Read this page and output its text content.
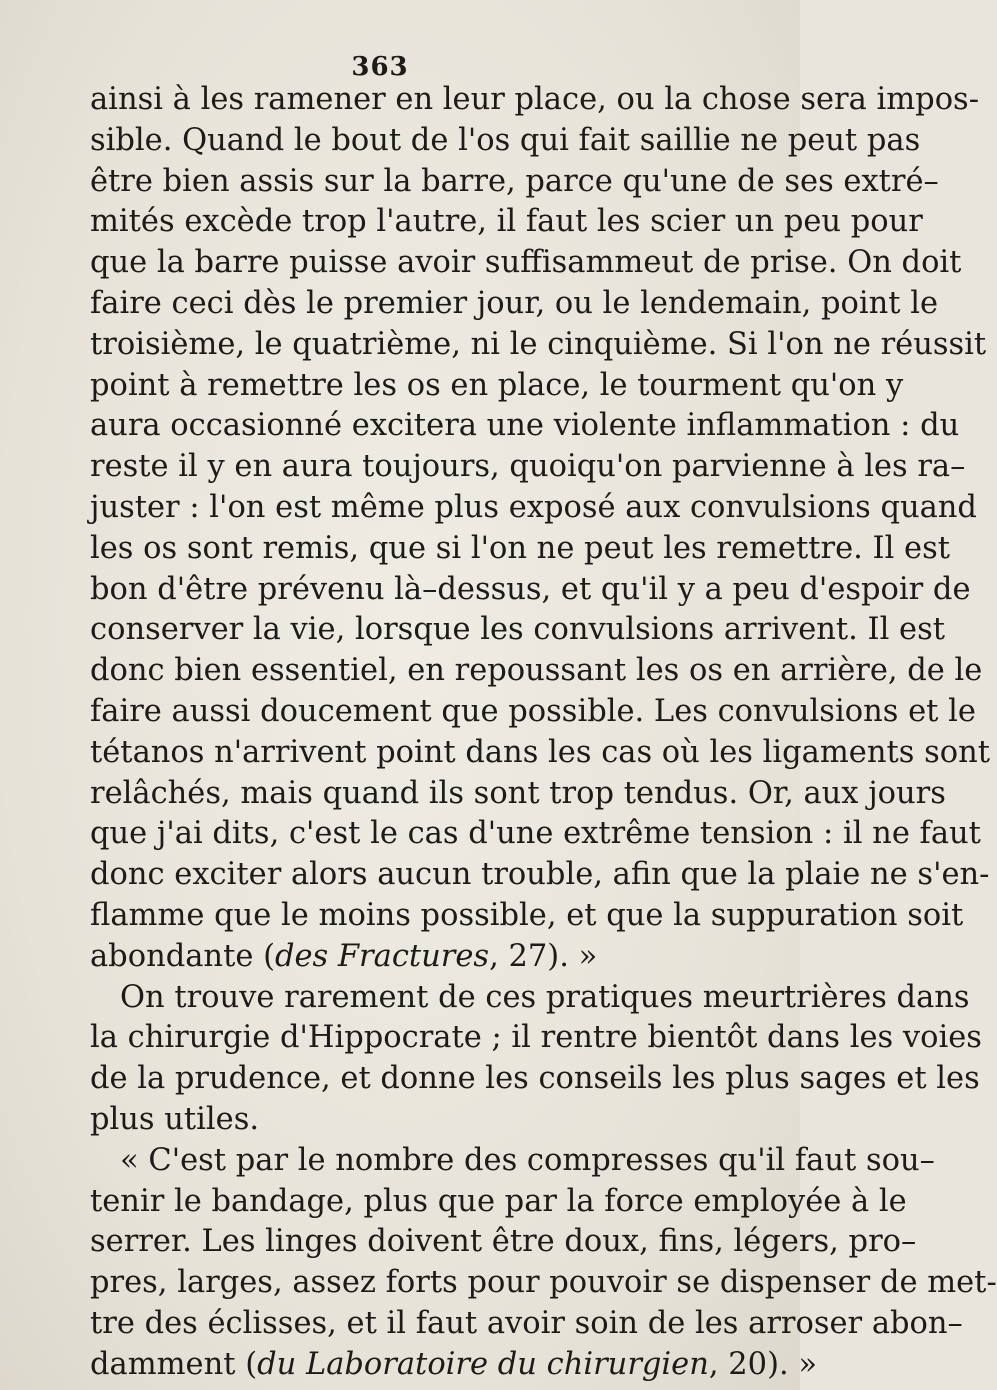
363
ainsi à les ramener en leur place, ou la chose sera impos-
sible. Quand le bout de l'os qui fait saillie ne peut pas
être bien assis sur la barre, parce qu'une de ses extré–
mités excède trop l'autre, il faut les scier un peu pour
que la barre puisse avoir suffisammeut de prise. On doit
faire ceci dès le premier jour, ou le lendemain, point le
troisième, le quatrième, ni le cinquième. Si l'on ne réussit
point à remettre les os en place, le tourment qu'on y
aura occasionné excitera une violente inflammation : du
reste il y en aura toujours, quoiqu'on parvienne à les ra–
juster : l'on est même plus exposé aux convulsions quand
les os sont remis, que si l'on ne peut les remettre. Il est
bon d'être prévenu là–dessus, et qu'il y a peu d'espoir de
conserver la vie, lorsque les convulsions arrivent. Il est
donc bien essentiel, en repoussant les os en arrière, de le
faire aussi doucement que possible. Les convulsions et le
tétanos n'arrivent point dans les cas où les ligaments sont
relâchés, mais quand ils sont trop tendus. Or, aux jours
que j'ai dits, c'est le cas d'une extrême tension : il ne faut
donc exciter alors aucun trouble, afin que la plaie ne s'en-
flamme que le moins possible, et que la suppuration soit
abondante (des Fractures, 27). »
On trouve rarement de ces pratiques meurtrières dans
la chirurgie d'Hippocrate ; il rentre bientôt dans les voies
de la prudence, et donne les conseils les plus sages et les
plus utiles.
« C'est par le nombre des compresses qu'il faut sou–
tenir le bandage, plus que par la force employée à le
serrer. Les linges doivent être doux, fins, légers, pro–
pres, larges, assez forts pour pouvoir se dispenser de met-
tre des éclisses, et il faut avoir soin de les arroser abon–
damment (du Laboratoire du chirurgien, 20). »
